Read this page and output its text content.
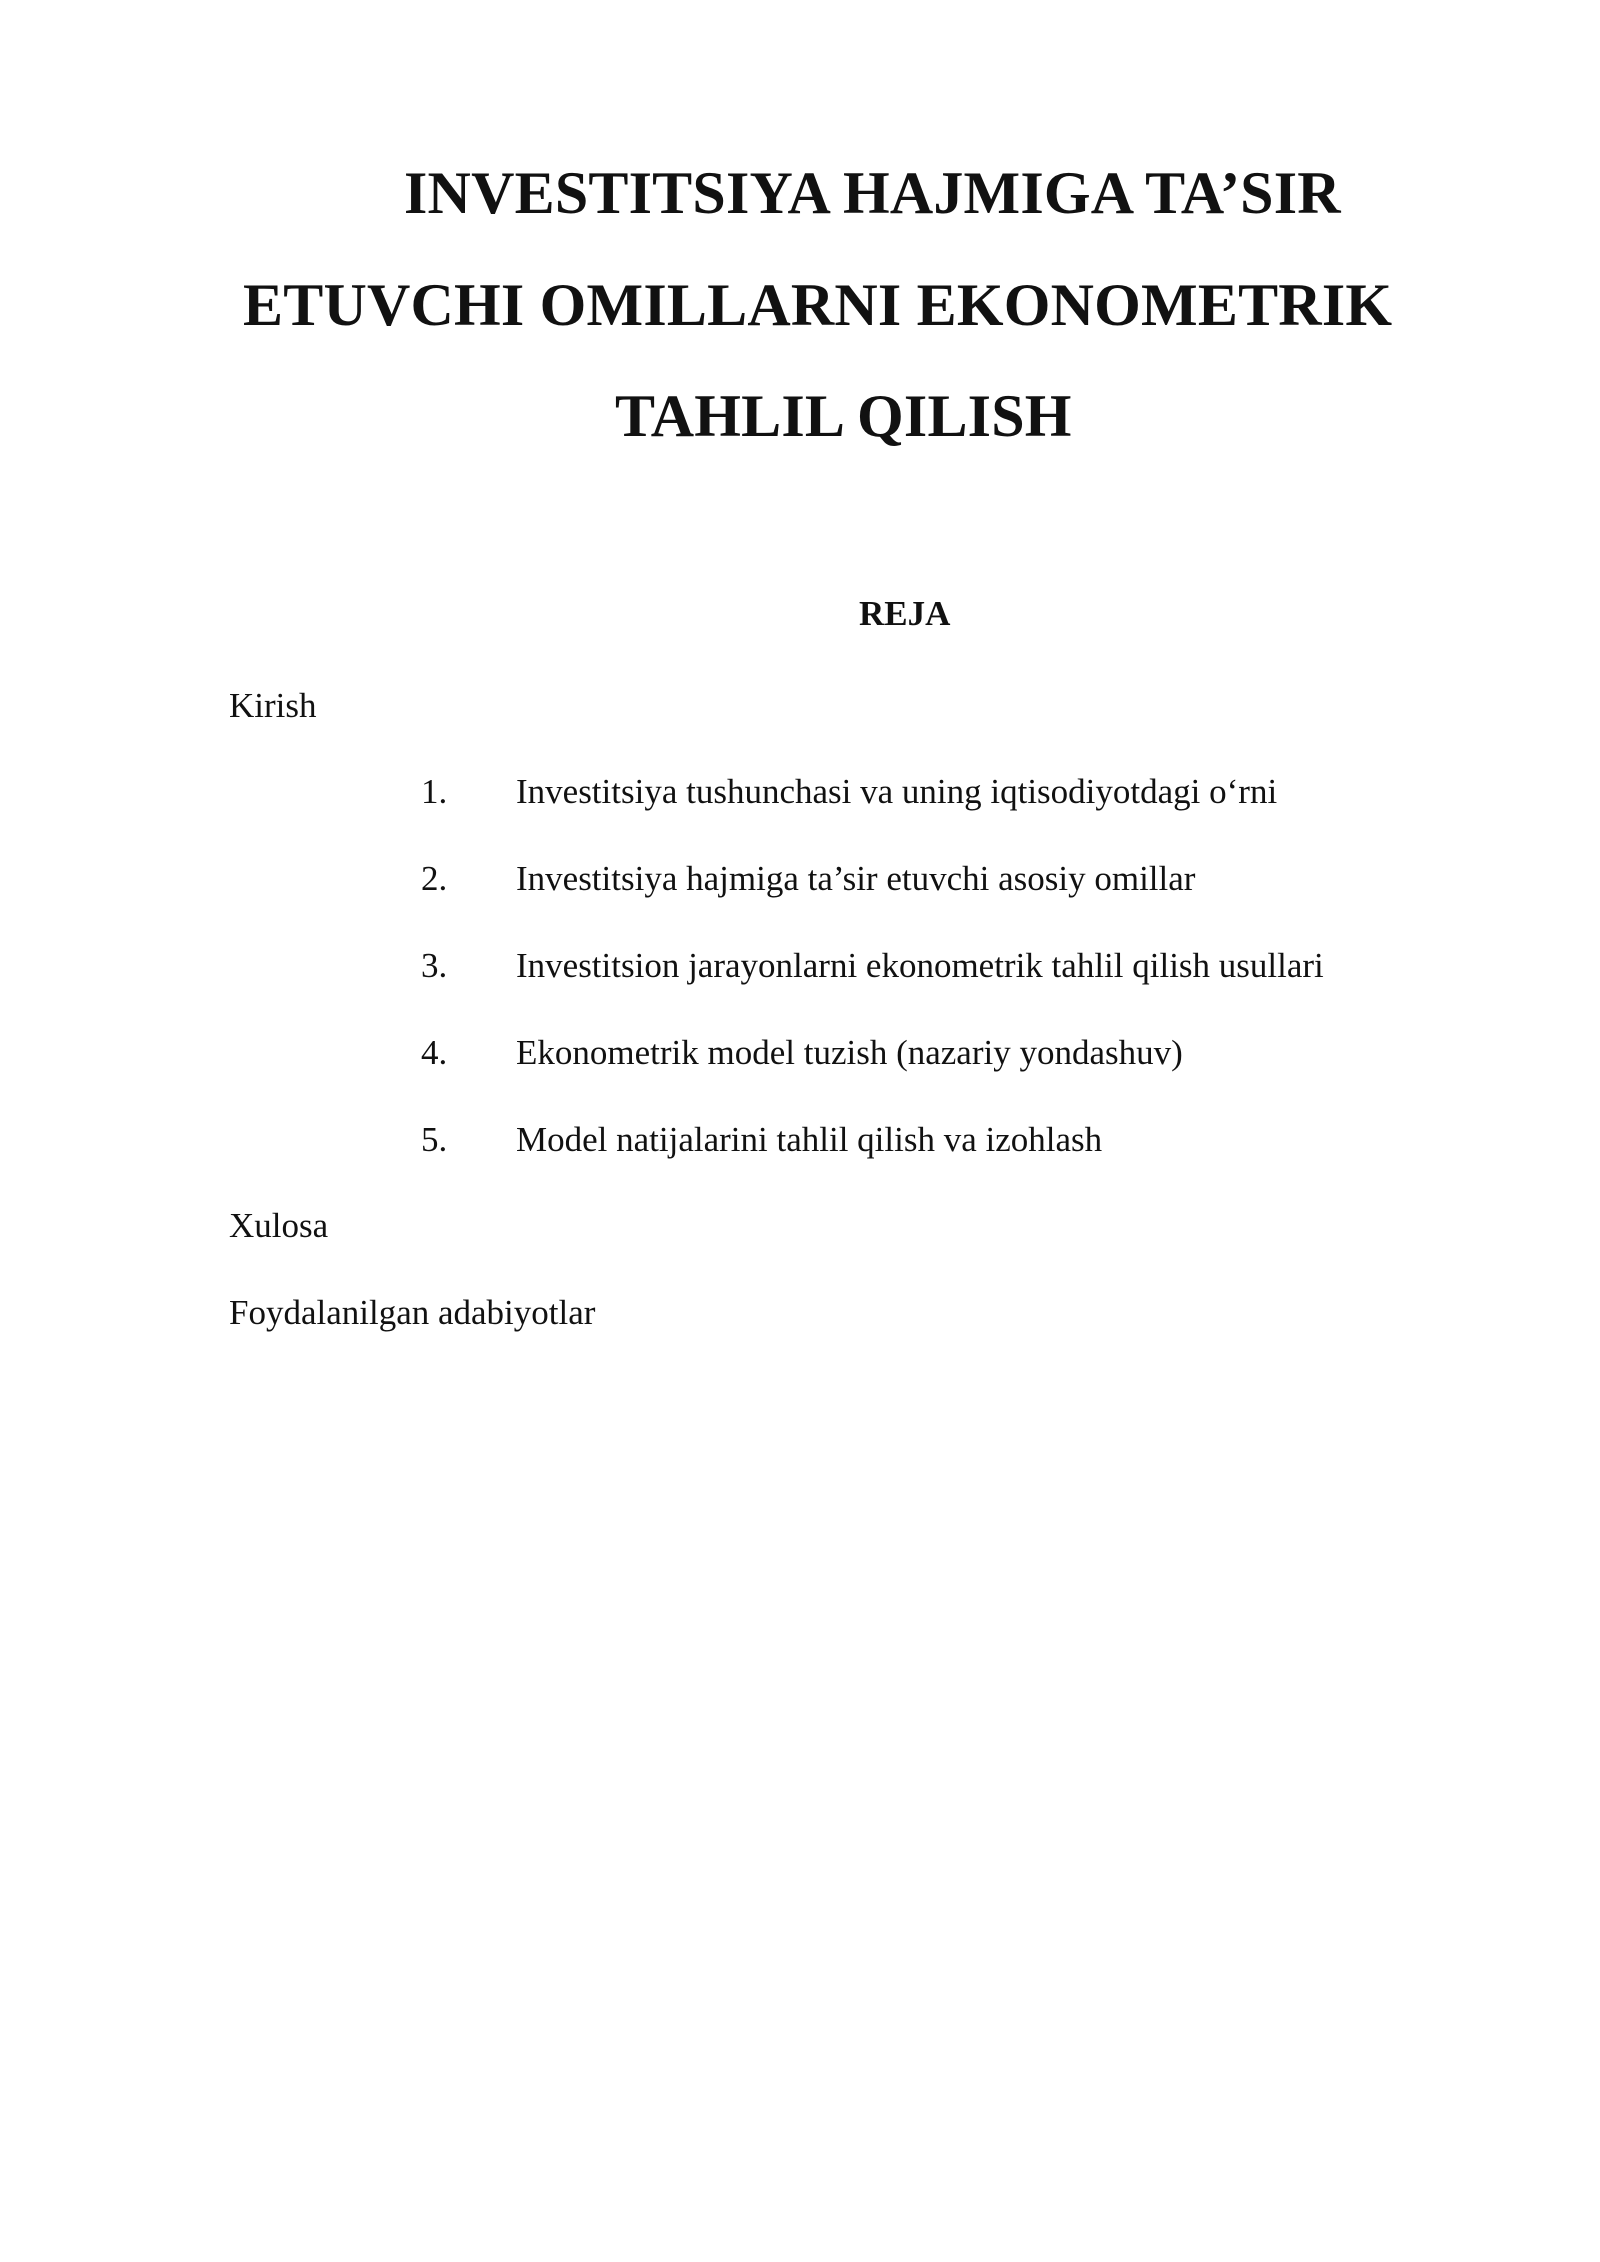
INVESTITSIYA HAJMIGA TA’SIR
ETUVCHI OMILLARNI EKONOMETRIK
TAHLIL QILISH
REJA

Kirish

1. Investitsiya tushunchasi va uning iqtisodiyotdagi o‘rni
2. Investitsiya hajmiga ta’sir etuvchi asosiy omillar
3. Investitsion jarayonlarni ekonometrik tahlil qilish usullari
4. Ekonometrik model tuzish (nazariy yondashuv)
5. Model natijalarini tahlil qilish va izohlash

Xulosa

Foydalanilgan adabiyotlar
